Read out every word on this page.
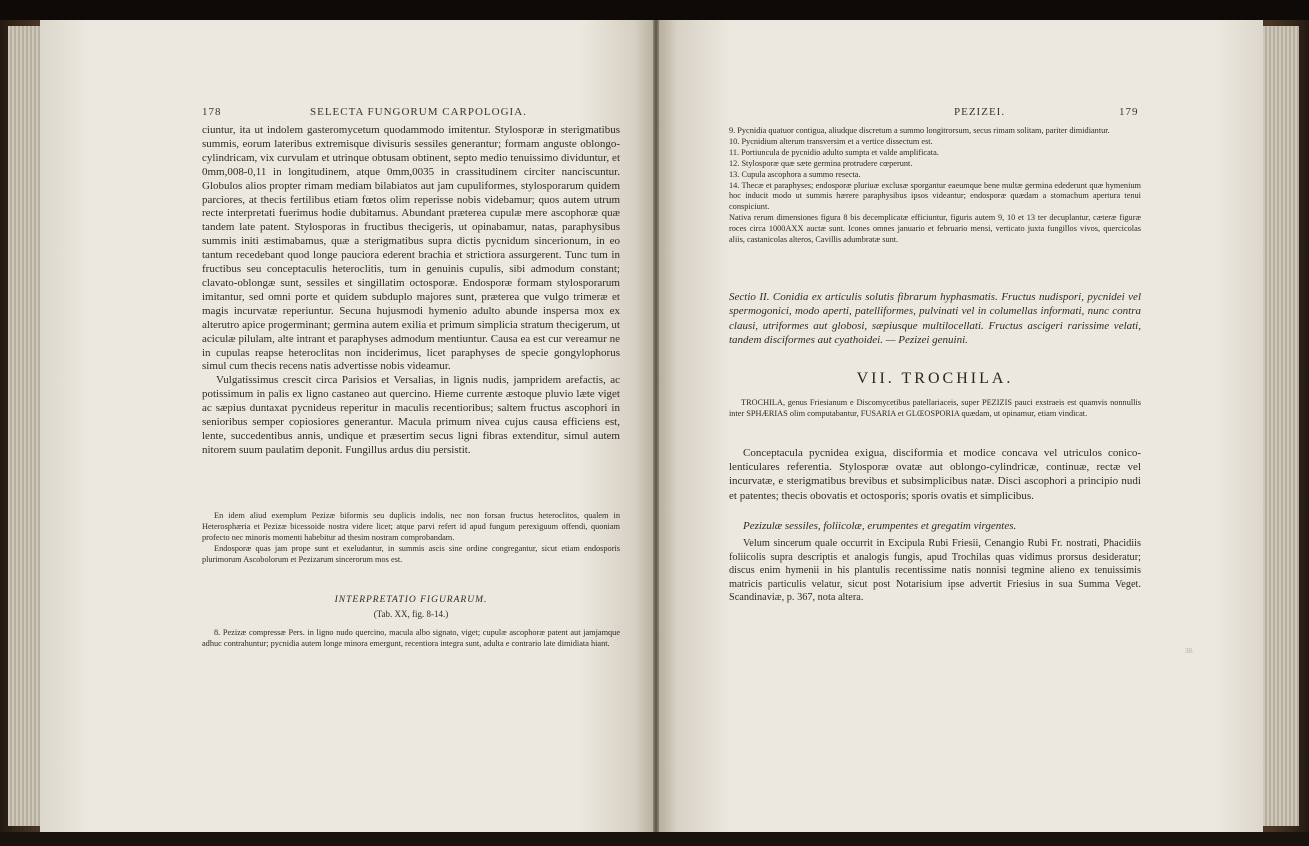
178	SELECTA FUNGORUM CARPOLOGIA.

ciuntur, ita ut indolem gasteromycetum quodammodo imitentur. Stylosporæ in sterigmatibus summis, eorum lateribus extremisque divisuris sessiles generantur; formam anguste oblongo-cylindricam, vix curvulam et utrinque obtusam obtinent, septo medio tenuissimo dividuntur, et 0mm,008-0,11 in longitudinem, atque 0mm,0035 in crassitudinem circiter nanciscuntur. Globulos alios propter rimam mediam bilabiatos aut jam cupuliformes, stylosporarum quidem parciores, at thecis fertilibus etiam fœtos olim reperisse nobis videbamur; quos autem utrum recte interpretati fuerimus hodie dubitamus. Abundant præterea cupulæ mere ascophoræ quæ tandem late patent. Stylosporas in fructibus thecigeris, ut opinabamur, natas, paraphysibus summis initi æstimabamus, quæ a sterigmatibus supra dictis pycnidum sincerionum, in eo tantum recedebant quod longe pauciora ederent brachia et strictiora assurgerent. Tunc tum in fructibus seu conceptaculis heteroclitis, tum in genuinis cupulis, sibi admodum constant; clavato-oblongæ sunt, sessiles et singillatim octosporæ. Endosporæ formam stylosporarum imitantur, sed omni porte et quidem subduplo majores sunt, præterea que vulgo trimeræ et magis incurvatæ reperiuntur. Secuna hujusmodi hymenio adulto abunde inspersa mox ex alterutro apice progerminant; germina autem exilia et primum simplicia stratum thecigerum, ut aciculæ pilulam, alte intrant et paraphyses admodum mentiuntur. Causa ea est cur vereamur ne in cupulas reapse heteroclitas non inciderimus, licet paraphyses de specie gongylophorus simul cum thecis recens natis advertisse nobis videamur.

Vulgatissimus crescit circa Parisios et Versalias, in lignis nudis, jampridem arefactis, ac potissimum in palis ex ligno castaneo aut quercino. Hieme currente æstoque pluvio læte viget ac sæpius duntaxat pycnideus reperitur in maculis recentioribus; saltem fructus ascophori in senioribus semper copiosiores generantur. Macula primum nivea cujus causa efficiens est, lente, succedentibus annis, undique et præsertim secus ligni fibras extenditur, simul autem nitorem suum paulatim deponit. Fungillus ardus diu persistit.

En idem aliud exemplum Pezizæ biformis seu duplicis indolis, nec non forsan fructus heteroclitos, qualem in Heterosphæria et Pezizæ bicessoide nostra videre licet; atque parvi refert id apud fungum perexiguum offendi, quoniam profecto nec minoris momenti habebitur ad thesim nostram comprobandam.

Endosporæ quas jam prope sunt et exeludantur, in summis ascis sine ordine congregantur, sicut etiam endosporis plurimorum Ascobolorum et Pezizarum sincerorum mos est.

INTERPRETATIO FIGURARUM.
(Tab. XX, fig. 8-14.)

8. Pezizæ compressæ Pers. in ligno nudo quercino, macula albo signato, viget; cupulæ ascophoræ patent aut jamjamque adhuc contrahuntur; pycnidia autem longe minora emergunt, recentiora integra sunt, adulta e contrario late dimidiata hiant.

PEZIZEI.	179
9. Pycnidia quatuor contigua, aliudque discretum a summo longitrorsum, secus rimam solitam, pariter dimidiantur.
10. Pycnidium alterum transversim et a vertice dissectum est.
11. Portiuncula de pycnidio adulto sumpta et valde amplificata.
12. Stylosporæ quæ sæte germina protrudere cœperunt.
13. Cupula ascophora a summo resecta.
14. Thecæ et paraphyses; endosporæ pluriuæ exclusæ sporgantur eaeumque bene multæ germina edederunt quæ hymenium hoc inducit modo ut summis hærere paraphysibus ipsos videantur; endosporæ quædam a stomachum apertura tenui conspiciunt.
Nativa rerum dimensiones figura 8 bis decemplicatæ efficiuntur, figuris autem 9, 10 et 13 ter decuplantur, cæteræ figuræ roces circa 1000AXX auctæ sunt. Icones omnes januario et februario mensi, verticato juxta fungillos vivos, quercicolas aliis, castanicolas alteros, Cavillis adumbratæ sunt.
Sectio II. Conidia ex articulis solutis fibrarum hyphasmatis. Fructus nudispori, pycnidei vel spermogonici, modo aperti, patelliformes, pulvinati vel in columellas informati, nunc contra clausi, utriformes aut globosi, sæpiusque multilocellati. Fructus ascigeri rarissime velati, tandem disciformes aut cyathoidei. — Pezizei genuini.
VII. TROCHILA.

TROCHILA, genus Friesianum e Discomycetibus patellariaceis, super PEZIZIS pauci exstraeis est quamvis nonnullis inter SPHÆRIAS olim computabantur, FUSARIA et GLŒOSPORIA quædam, ut opinamur, etiam vindicat.

Conceptacula pycnidea exigua, disciformia et modice concava vel utriculos conico-lenticulares referentia. Stylosporæ ovatæ aut oblongo-cylindricæ, continuæ, rectæ vel incurvatæ, e sterigmatibus brevibus et subsimplicibus natæ. Disci ascophori a principio nudi et patentes; thecis obovatis et octosporis; sporis ovatis et simplicibus.

Pezizulæ sessiles, foliicolæ, erumpentes et gregatim virgentes.

Velum sincerum quale occurrit in Excipula Rubi Friesii, Cenangio Rubi Fr. nostrati, Phacidiis foliicolis supra descriptis et analogis fungis, apud Trochilas quas vidimus prorsus desideratur; discus enim hymenii in his plantulis recentissime natis nonnisi tegmine alieno ex tenuissimis matricis particulis velatur, sicut post Notarisium ipse advertit Friesius in sua Summa Veget. Scandinaviæ, p. 367, nota altera.

38.
